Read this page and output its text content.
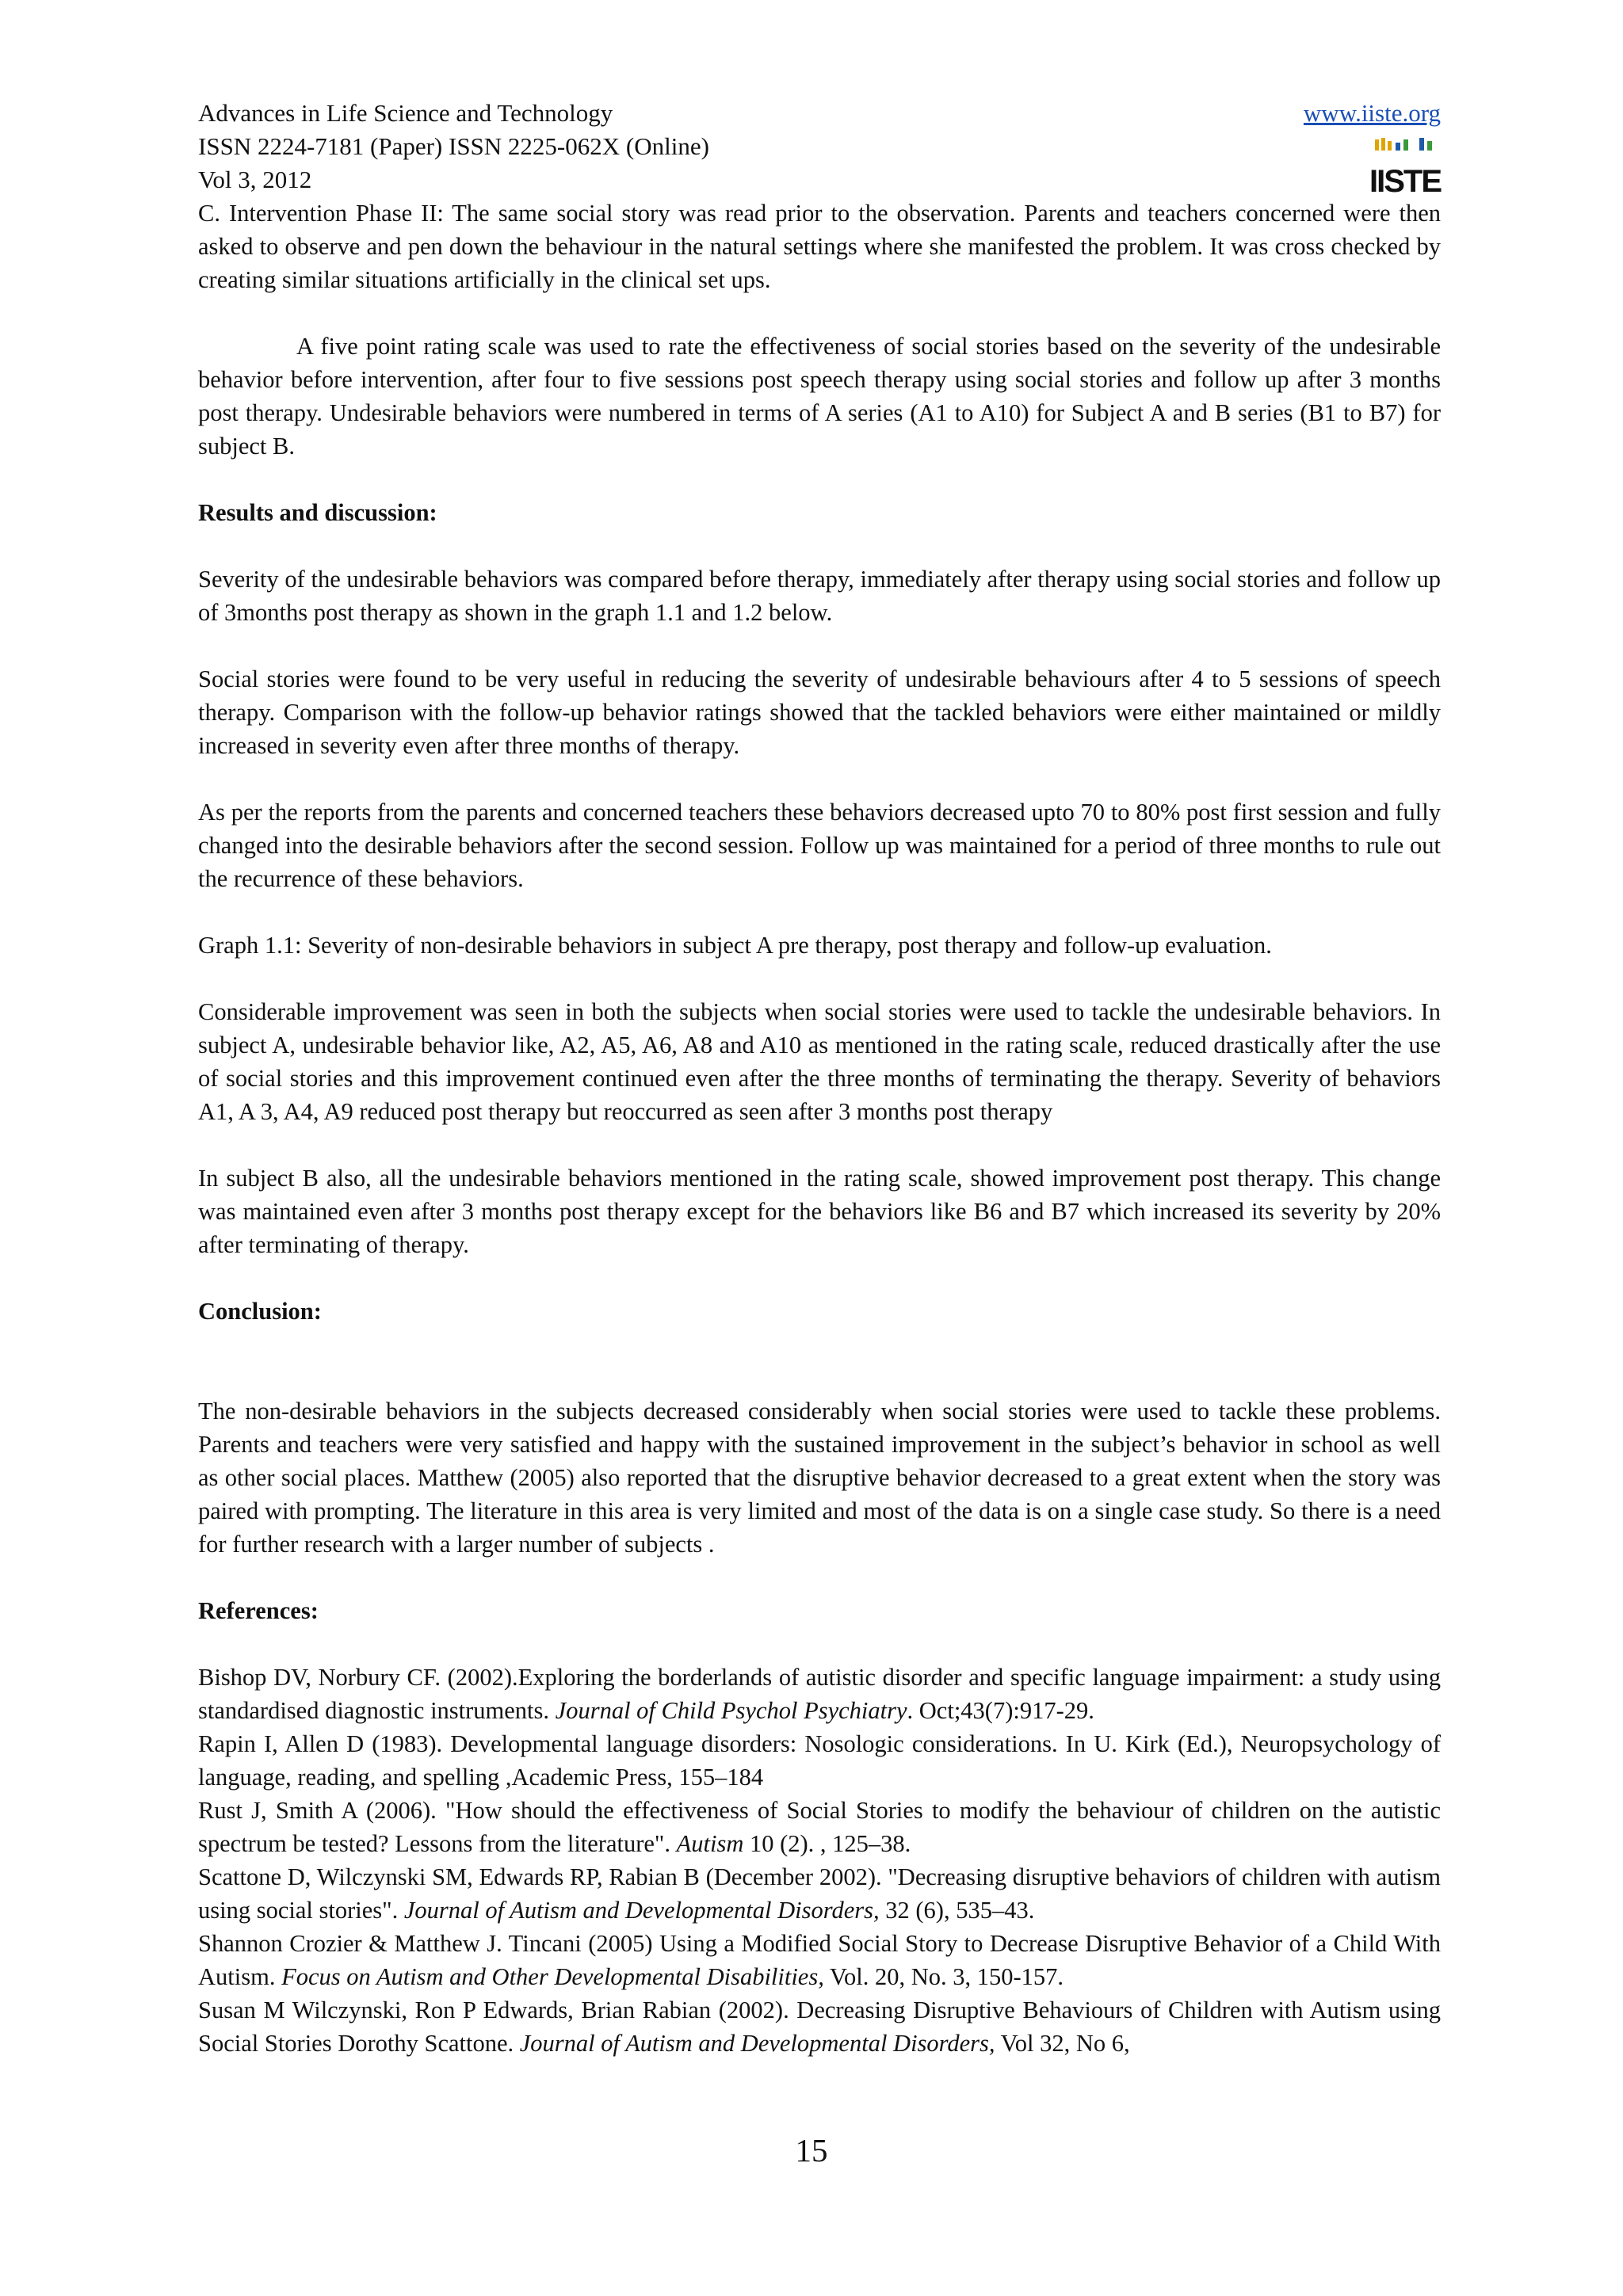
Advances in Life Science and Technology
ISSN 2224-7181 (Paper) ISSN 2225-062X (Online)
Vol 3, 2012
www.iiste.org
IISTE

C. Intervention Phase II: The same social story was read prior to the observation. Parents and teachers concerned were then asked to observe and pen down the behaviour in the natural settings where she manifested the problem. It was cross checked by creating similar situations artificially in the clinical set ups.

A five point rating scale was used to rate the effectiveness of social stories based on the severity of the undesirable behavior before intervention, after four to five sessions post speech therapy using social stories and follow up after 3 months post therapy. Undesirable behaviors were numbered in terms of A series (A1 to A10) for Subject A and B series (B1 to B7) for subject B.

Results and discussion:

Severity of the undesirable behaviors was compared before therapy, immediately after therapy using social stories and follow up of 3months post therapy as shown in the graph 1.1 and 1.2 below.

Social stories were found to be very useful in reducing the severity of undesirable behaviours after 4 to 5 sessions of speech therapy. Comparison with the follow-up behavior ratings showed that the tackled behaviors were either maintained or mildly increased in severity even after three months of therapy.

As per the reports from the parents and concerned teachers these behaviors decreased upto 70 to 80% post first session and fully changed into the desirable behaviors after the second session. Follow up was maintained for a period of three months to rule out the recurrence of these behaviors.

Graph 1.1: Severity of non-desirable behaviors in subject A pre therapy, post therapy and follow-up evaluation.

Considerable improvement was seen in both the subjects when social stories were used to tackle the undesirable behaviors. In subject A, undesirable behavior like, A2, A5, A6, A8 and A10 as mentioned in the rating scale, reduced drastically after the use of social stories and this improvement continued even after the three months of terminating the therapy. Severity of behaviors A1, A 3, A4, A9 reduced post therapy but reoccurred as seen after 3 months post therapy

In subject B also, all the undesirable behaviors mentioned in the rating scale, showed improvement post therapy. This change was maintained even after 3 months post therapy except for the behaviors like B6 and B7 which increased its severity by 20% after terminating of therapy.

Conclusion:

The non-desirable behaviors in the subjects decreased considerably when social stories were used to tackle these problems. Parents and teachers were very satisfied and happy with the sustained improvement in the subject’s behavior in school as well as other social places. Matthew (2005) also reported that the disruptive behavior decreased to a great extent when the story was paired with prompting. The literature in this area is very limited and most of the data is on a single case study. So there is a need for further research with a larger number of subjects .

References:

Bishop DV, Norbury CF. (2002).Exploring the borderlands of autistic disorder and specific language impairment: a study using standardised diagnostic instruments. Journal of Child Psychol Psychiatry. Oct;43(7):917-29.

Rapin I, Allen D (1983). Developmental language disorders: Nosologic considerations. In U. Kirk (Ed.), Neuropsychology of language, reading, and spelling ,Academic Press, 155–184

Rust J, Smith A (2006). "How should the effectiveness of Social Stories to modify the behaviour of children on the autistic spectrum be tested? Lessons from the literature". Autism 10 (2). , 125–38.

Scattone D, Wilczynski SM, Edwards RP, Rabian B (December 2002). "Decreasing disruptive behaviors of children with autism using social stories". Journal of Autism and Developmental Disorders, 32 (6), 535–43.

Shannon Crozier & Matthew J. Tincani (2005) Using a Modified Social Story to Decrease Disruptive Behavior of a Child With Autism. Focus on Autism and Other Developmental Disabilities, Vol. 20, No. 3, 150-157.

Susan M Wilczynski, Ron P Edwards, Brian Rabian (2002). Decreasing Disruptive Behaviours of Children with Autism using Social Stories Dorothy Scattone. Journal of Autism and Developmental Disorders, Vol 32, No 6,

15
